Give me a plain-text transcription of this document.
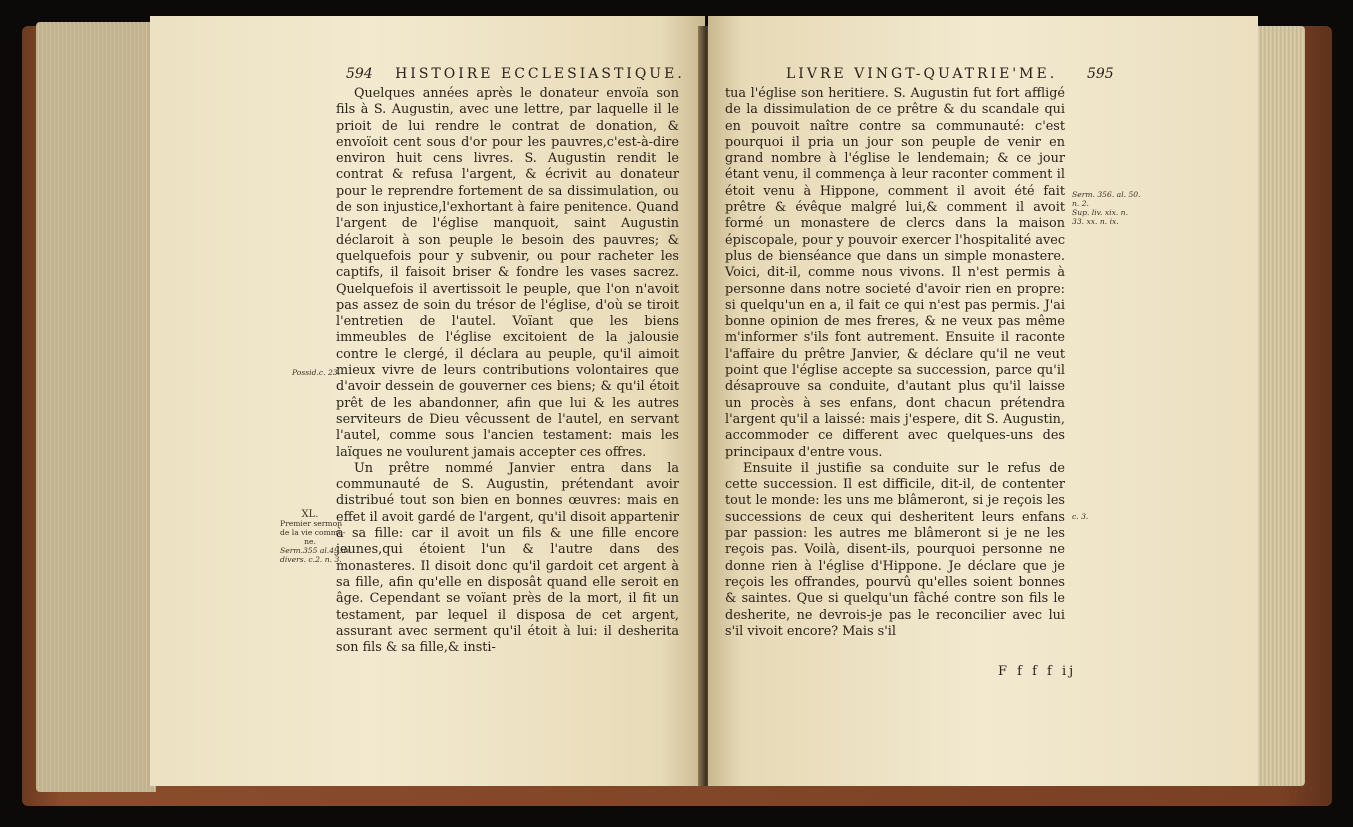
594 HISTOIRE ECCLESIASTIQUE.

Quelques années après le donateur envoïa son fils à S. Augustin, avec une lettre, par laquelle il le prioit de lui rendre le contrat de donation, & envoïoit cent sous d'or pour les pauvres,c'est-à-dire environ huit cens livres. S. Augustin rendit le contrat & refusa l'argent, & écrivit au donateur pour le reprendre fortement de sa dissimulation, ou de son injustice,l'exhortant à faire penitence. Quand l'argent de l'église manquoit, saint Augustin déclaroit à son peuple le besoin des pauvres; & quelquefois pour y subvenir, ou pour racheter les captifs, il faisoit briser & fondre les vases sacrez. Quelquefois il avertissoit le peuple, que l'on n'avoit pas assez de soin du trésor de l'église, d'où se tiroit l'entretien de l'autel. Voïant que les biens immeubles de l'église excitoient de la jalousie contre le clergé, il déclara au peuple, qu'il aimoit mieux vivre de leurs contributions volontaires que d'avoir dessein de gouverner ces biens; & qu'il étoit prêt de les abandonner, afin que lui & les autres serviteurs de Dieu vêcussent de l'autel, en servant l'autel, comme sous l'ancien testament: mais les laïques ne voulurent jamais accepter ces offres.

Un prêtre nommé Janvier entra dans la communauté de S. Augustin, prétendant avoir distribué tout son bien en bonnes œuvres: mais en effet il avoit gardé de l'argent, qu'il disoit appartenir à sa fille: car il avoit un fils & une fille encore jeunes,qui étoient l'un & l'autre dans des monasteres. Il disoit donc qu'il gardoit cet argent à sa fille, afin qu'elle en disposât quand elle seroit en âge. Cependant se voïant près de la mort, il fit un testament, par lequel il disposa de cet argent, assurant avec serment qu'il étoit à lui: il desherita son fils & sa fille,& insti-

Possid.c. 23.
XL.
Premier sermon
de la vie commu-
ne.
Serm.355 al.49.de
divers. c.2. n. 3.
LIVRE VINGT-QUATRIE'ME. 595

tua l'église son heritiere. S. Augustin fut fort affligé de la dissimulation de ce prêtre & du scandale qui en pouvoit naître contre sa communauté: c'est pourquoi il pria un jour son peuple de venir en grand nombre à l'église le lendemain; & ce jour étant venu, il commença à leur raconter comment il étoit venu à Hippone, comment il avoit été fait prêtre & évêque malgré lui,& comment il avoit formé un monastere de clercs dans la maison épiscopale, pour y pouvoir exercer l'hospitalité avec plus de bienséance que dans un simple monastere. Voici, dit-il, comme nous vivons. Il n'est permis à personne dans notre societé d'avoir rien en propre: si quelqu'un en a, il fait ce qui n'est pas permis. J'ai bonne opinion de mes freres, & ne veux pas même m'informer s'ils font autrement. Ensuite il raconte l'affaire du prêtre Janvier, & déclare qu'il ne veut point que l'église accepte sa succession, parce qu'il désaprouve sa conduite, d'autant plus qu'il laisse un procès à ses enfans, dont chacun prétendra l'argent qu'il a laissé: mais j'espere, dit S. Augustin, accommoder ce different avec quelques-uns des principaux d'entre vous.

Ensuite il justifie sa conduite sur le refus de cette succession. Il est difficile, dit-il, de contenter tout le monde: les uns me blâmeront, si je reçois les successions de ceux qui desheritent leurs enfans par passion: les autres me blâmeront si je ne les reçois pas. Voilà, disent-ils, pourquoi personne ne donne rien à l'église d'Hippone. Je déclare que je reçois les offrandes, pourvû qu'elles soient bonnes & saintes. Que si quelqu'un fâché contre son fils le desherite, ne devrois-je pas le reconcilier avec lui s'il vivoit encore? Mais s'il

F f f f ij
Serm. 356. al. 50.
n. 2.
Sup. liv. xix. n.
33. xx. n. ix.
c. 3.
